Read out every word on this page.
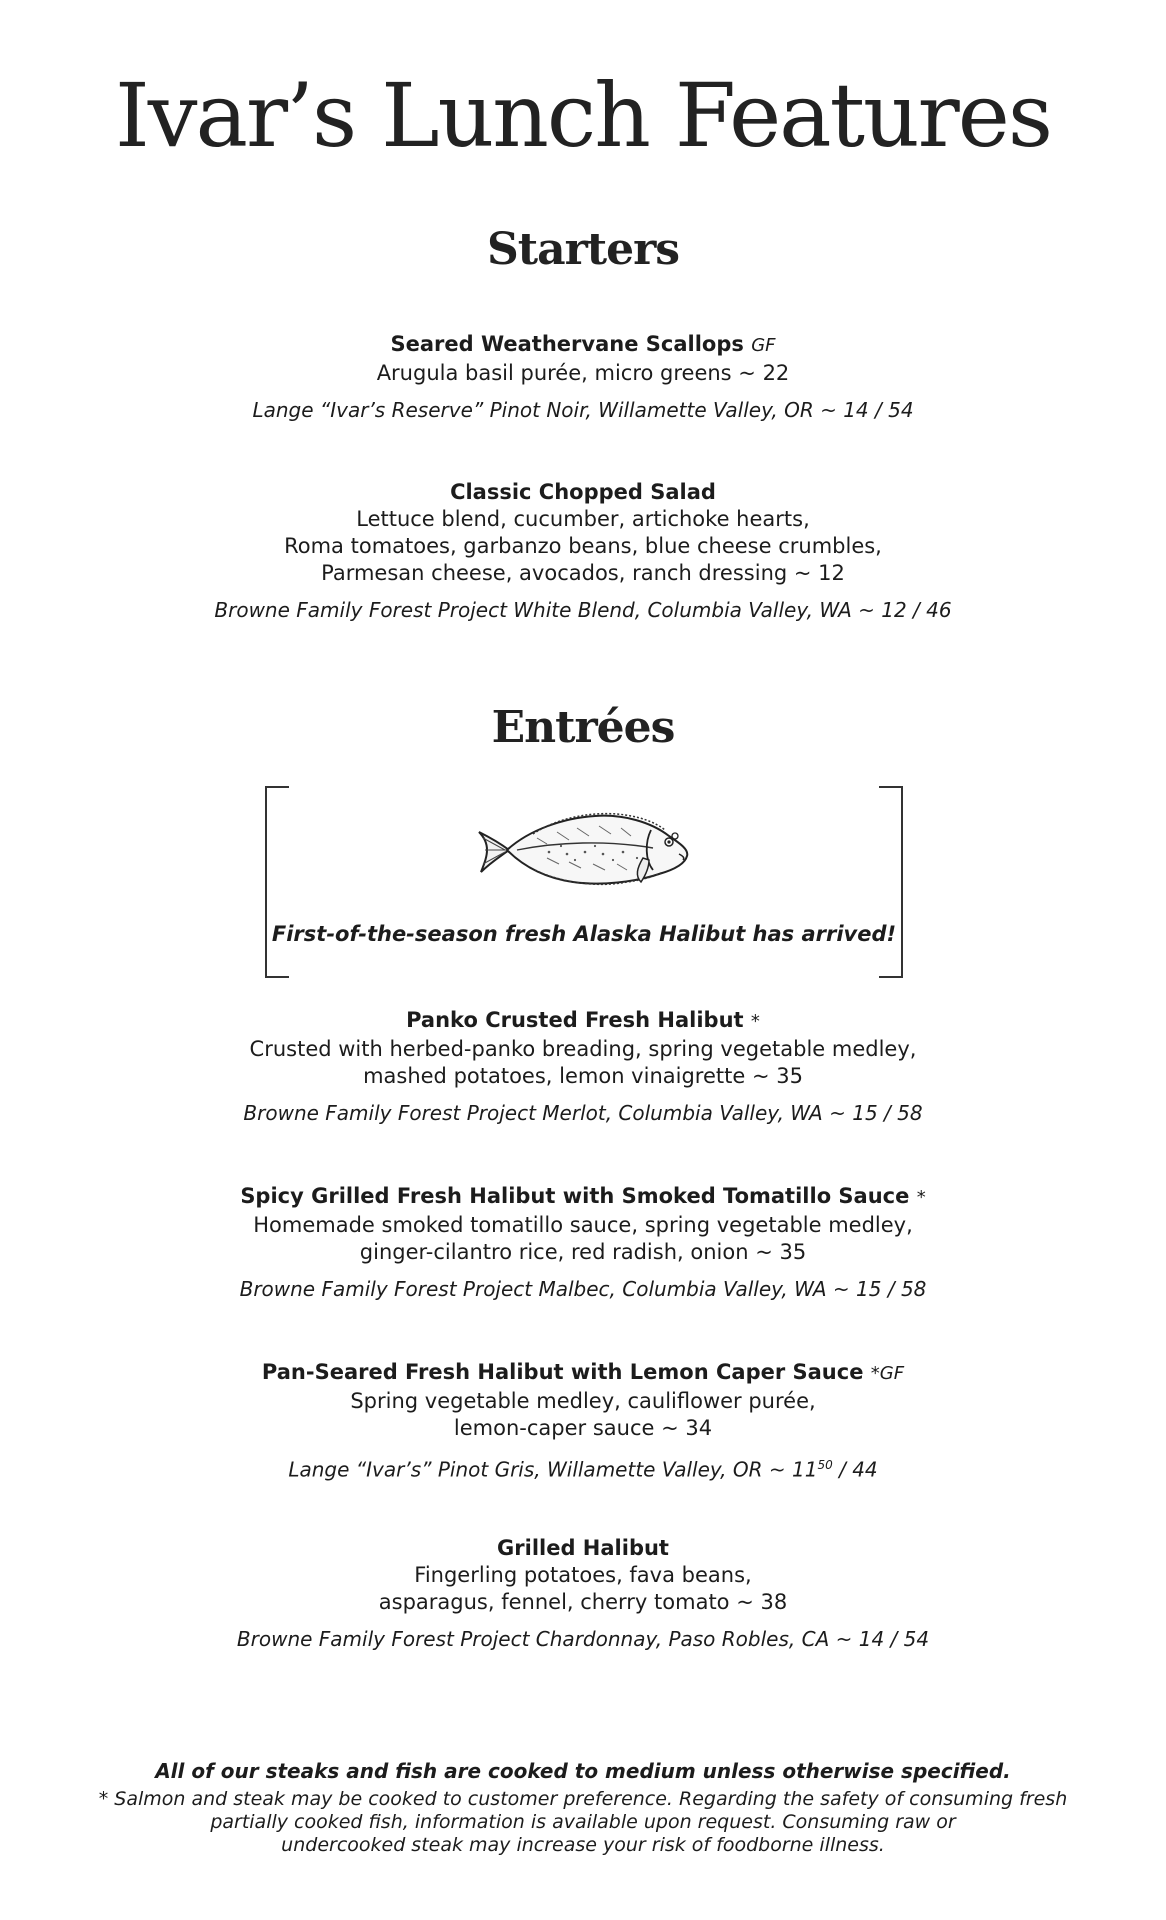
Ivar’s Lunch Features
Starters

Seared Weathervane Scallops GF

Arugula basil purée, micro greens ~ 22

Lange “Ivar’s Reserve” Pinot Noir, Willamette Valley, OR ~ 14 / 54

Classic Chopped Salad

Lettuce blend, cucumber, artichoke hearts,
Roma tomatoes, garbanzo beans, blue cheese crumbles,
Parmesan cheese, avocados, ranch dressing ~ 12

Browne Family Forest Project White Blend, Columbia Valley, WA ~ 12 / 46

Entrées
First-of-the-season fresh Alaska Halibut has arrived!

Panko Crusted Fresh Halibut *

Crusted with herbed-panko breading, spring vegetable medley,
mashed potatoes, lemon vinaigrette ~ 35

Browne Family Forest Project Merlot, Columbia Valley, WA ~ 15 / 58

Spicy Grilled Fresh Halibut with Smoked Tomatillo Sauce *

Homemade smoked tomatillo sauce, spring vegetable medley,
ginger-cilantro rice, red radish, onion ~ 35

Browne Family Forest Project Malbec, Columbia Valley, WA ~ 15 / 58

Pan-Seared Fresh Halibut with Lemon Caper Sauce *GF

Spring vegetable medley, cauliflower purée,
lemon-caper sauce ~ 34

Lange “Ivar’s” Pinot Gris, Willamette Valley, OR ~ $11^{50} / 44$

Grilled Halibut

Fingerling potatoes, fava beans,
asparagus, fennel, cherry tomato ~ 38

Browne Family Forest Project Chardonnay, Paso Robles, CA ~ 14 / 54

All of our steaks and fish are cooked to medium unless otherwise specified.

* Salmon and steak may be cooked to customer preference. Regarding the safety of consuming fresh
partially cooked fish, information is available upon request. Consuming raw or
undercooked steak may increase your risk of foodborne illness.
